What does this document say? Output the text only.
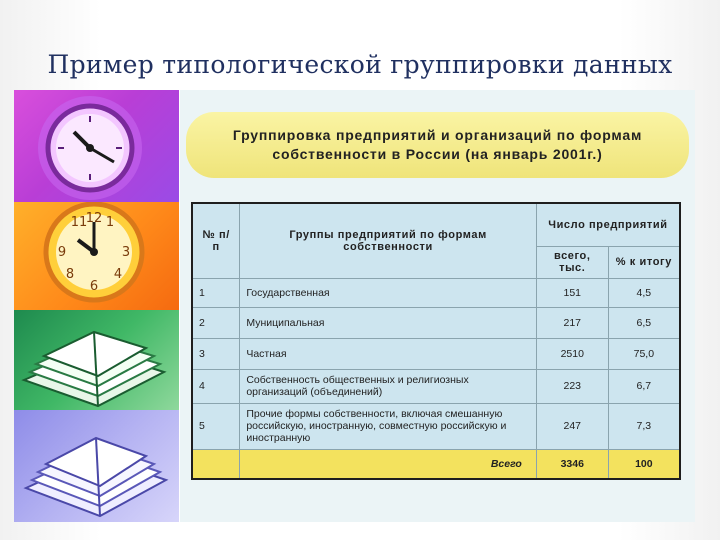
Пример типологической группировки данных
12
3
6
9
11 1
4
8
Группировка предприятий и организаций по формам собственности в России (на январь 2001г.)
№ п/п	Группы предприятий по формам собственности	Число предприятий	
		всего, тыс.	% к итогу
1	Государственная	151	4,5
2	Муниципальная	217	6,5
3	Частная	2510	75,0
4	Собственность общественных и религиозных организаций (объединений)	223	6,7
5	Прочие формы собственности, включая смешанную российскую, иностранную, совместную российскую и иностранную	247	7,3
	Всего	3346	100
